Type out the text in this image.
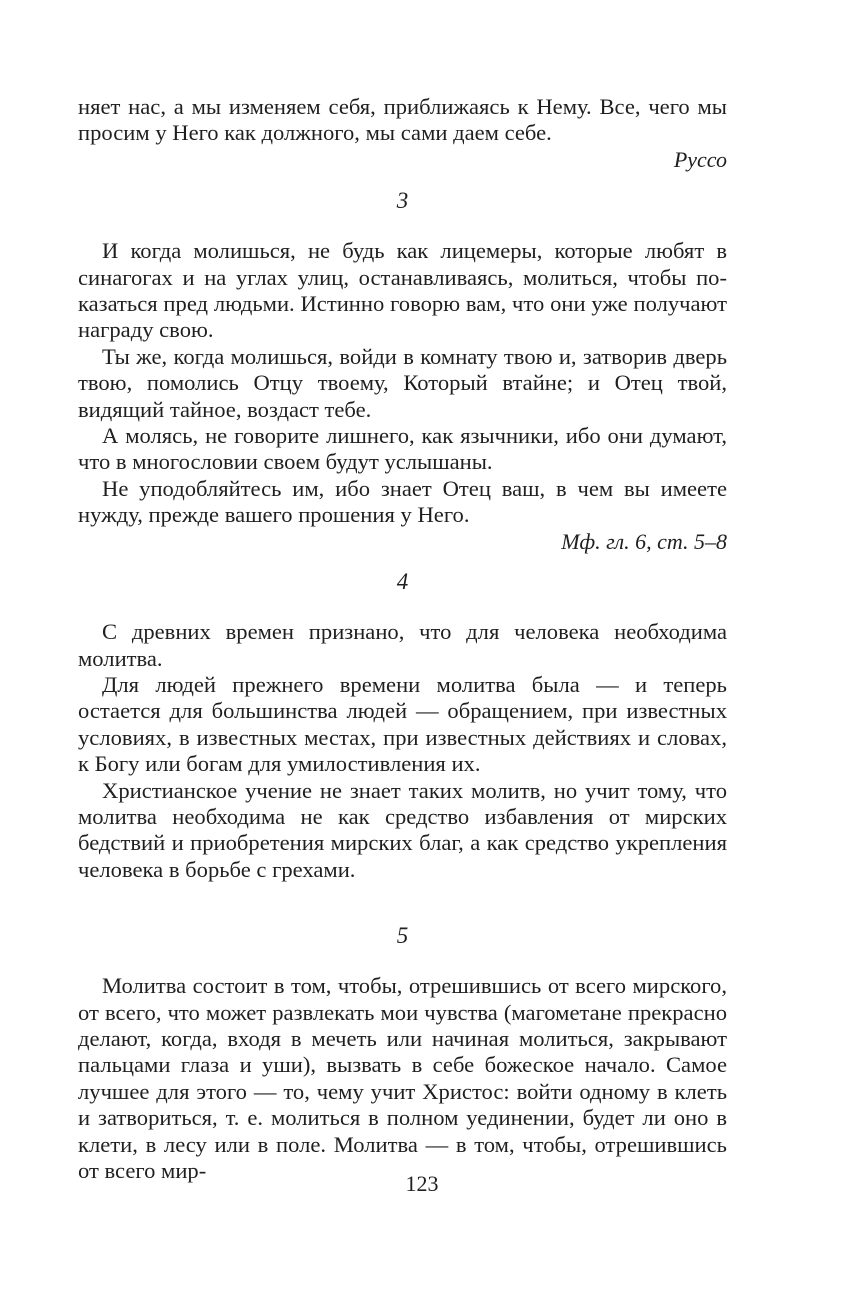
няет нас, а мы изменяем себя, приближаясь к Нему. Все, чего мы просим у Него как должного, мы сами даем себе.

Руссо

3

И когда молишься, не будь как лицемеры, которые любят в синагогах и на углах улиц, останавливаясь, молиться, чтобы показаться пред людьми. Истинно говорю вам, что они уже получают награду свою.

Ты же, когда молишься, войди в комнату твою и, затворив дверь твою, помолись Отцу твоему, Который втайне; и Отец твой, видящий тайное, воздаст тебе.

А молясь, не говорите лишнего, как язычники, ибо они думают, что в многословии своем будут услышаны.

Не уподобляйтесь им, ибо знает Отец ваш, в чем вы имеете нужду, прежде вашего прошения у Него.

Мф. гл. 6, ст. 5–8

4

С древних времен признано, что для человека необходима молитва.

Для людей прежнего времени молитва была — и теперь остается для большинства людей — обращением, при известных условиях, в известных местах, при известных действиях и словах, к Богу или богам для умилостивления их.

Христианское учение не знает таких молитв, но учит тому, что молитва необходима не как средство избавления от мирских бедствий и приобретения мирских благ, а как средство укрепления человека в борьбе с грехами.

5

Молитва состоит в том, чтобы, отрешившись от всего мирского, от всего, что может развлекать мои чувства (магометане прекрасно делают, когда, входя в мечеть или начиная молиться, закрывают пальцами глаза и уши), вызвать в себе божеское начало. Самое лучшее для этого — то, чему учит Христос: войти одному в клеть и затвориться, т. е. молиться в полном уединении, будет ли оно в клети, в лесу или в поле. Молитва — в том, чтобы, отрешившись от всего мир-

123
